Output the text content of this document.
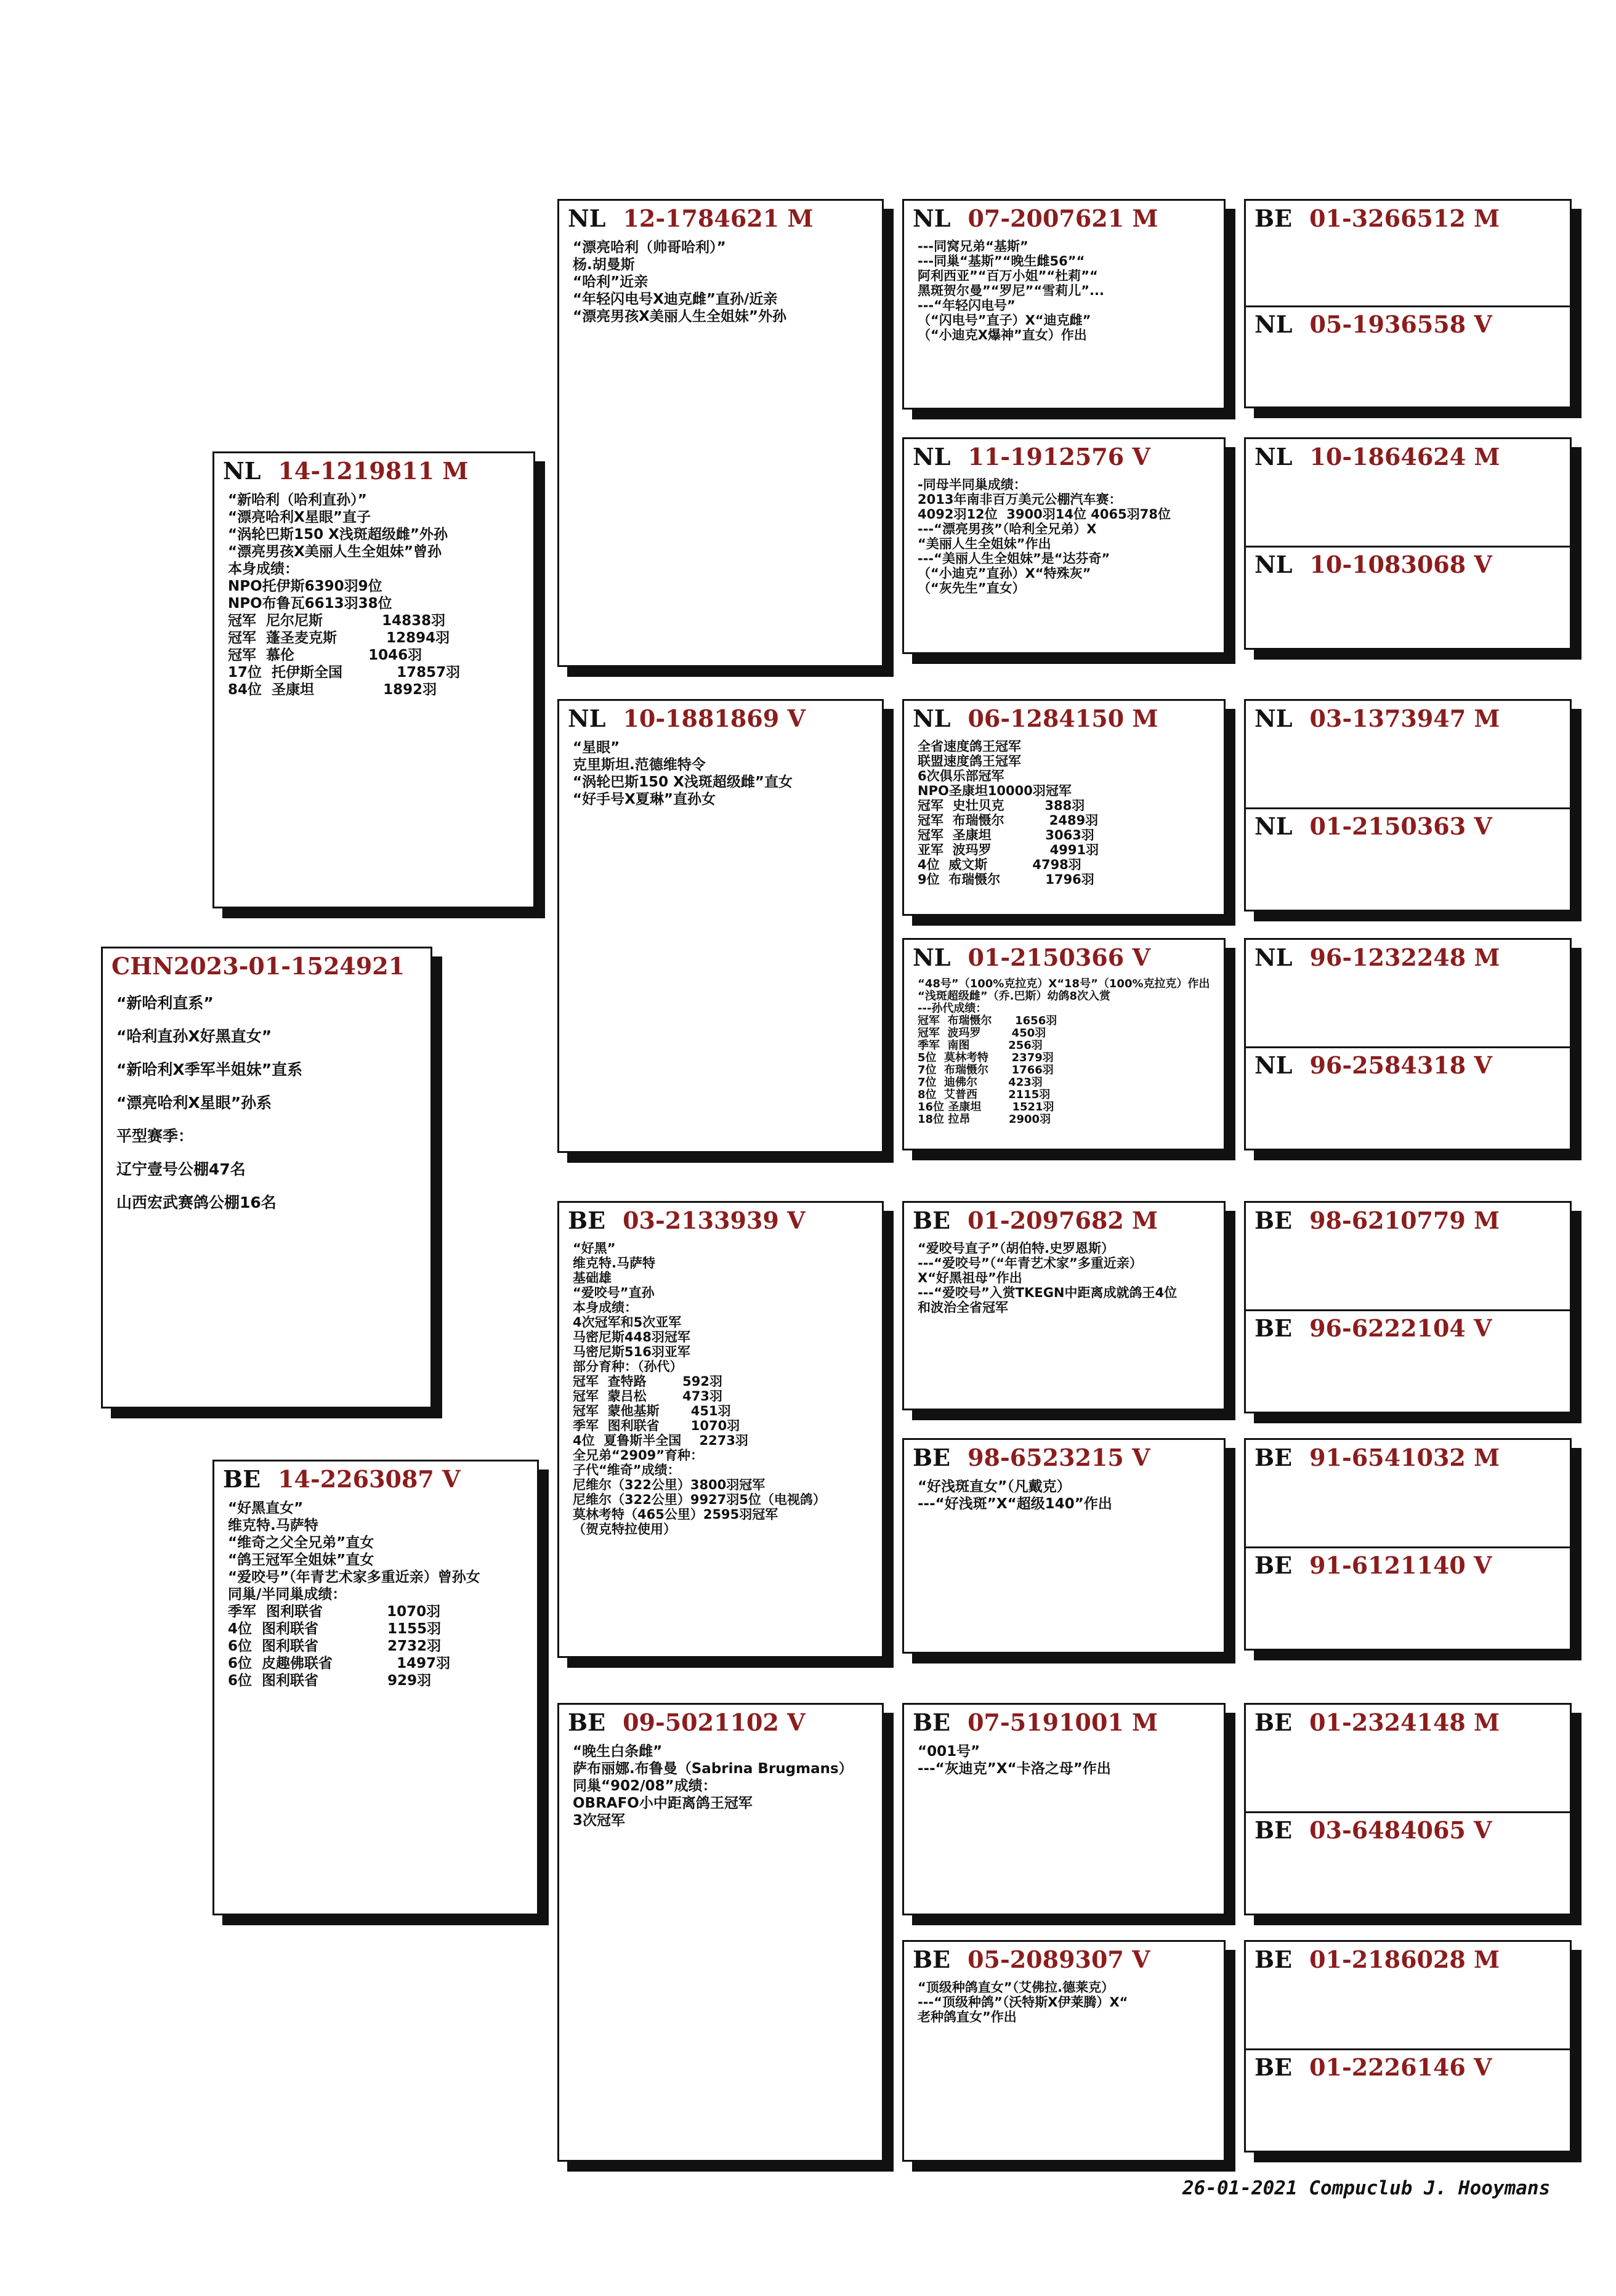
CHN2023-01-1524921
“新哈利直系”
“哈利直孙X好黑直女”
“新哈利X季军半姐妹”直系
“漂亮哈利X星眼”孙系
平型赛季：
辽宁壹号公棚47名
山西宏武赛鸽公棚16名
NL 14-1219811 M
“新哈利（哈利直孙）”
“漂亮哈利X星眼”直子
“涡轮巴斯150 X浅斑超级雌”外孙
“漂亮男孩X美丽人生全姐妹”曾孙
本身成绩：
NPO托伊斯6390羽9位
NPO布鲁瓦6613羽38位
冠军  尼尔尼斯            14838羽
冠军  蓬圣麦克斯          12894羽
冠军  慕伦               1046羽
17位  托伊斯全国           17857羽
84位  圣康坦              1892羽
BE 14-2263087 V
“好黑直女”
维克特.马萨特
“维奇之父全兄弟”直女
“鸽王冠军全姐妹”直女
“爱咬号”（年青艺术家多重近亲）曾孙女
同巢/半同巢成绩：
季军  图利联省             1070羽
4位  图利联省              1155羽
6位  图利联省              2732羽
6位  皮趣佛联省             1497羽
6位  图利联省              929羽
NL 12-1784621 M
“漂亮哈利（帅哥哈利）”
杨.胡曼斯
“哈利”近亲
“年轻闪电号X迪克雌”直孙/近亲
“漂亮男孩X美丽人生全姐妹”外孙
NL 10-1881869 V
“星眼”
克里斯坦.范德维特令
“涡轮巴斯150 X浅斑超级雌”直女
“好手号X夏琳”直孙女
BE 03-2133939 V
“好黑”
维克特.马萨特
基础雄
“爱咬号”直孙
本身成绩：
4次冠军和5次亚军
马密尼斯448羽冠军
马密尼斯516羽亚军
部分育种：（孙代）
冠军  查特路        592羽
冠军  蒙吕松        473羽
冠军  蒙他基斯       451羽
季军  图利联省       1070羽
4位  夏鲁斯半全国    2273羽
全兄弟“2909”育种：
子代“维奇”成绩：
尼维尔（322公里）3800羽冠军
尼维尔（322公里）9927羽5位（电视鸽）
莫林考特（465公里）2595羽冠军
（贺克特拉使用）
BE 09-5021102 V
“晚生白条雌”
萨布丽娜.布鲁曼（Sabrina Brugmans）
同巢“902/08”成绩：
OBRAFO小中距离鸽王冠军
3次冠军
NL 07-2007621 M
---同窝兄弟“基斯”
---同巢“基斯”“晚生雌56”“
阿利西亚”“百万小姐”“杜莉”“
黑斑贺尔曼”“罗尼”“雪莉儿”...
---“年轻闪电号”
（“闪电号”直子）X“迪克雌”
（“小迪克X爆神”直女）作出
NL 11-1912576 V
-同母半同巢成绩：
2013年南非百万美元公棚汽车赛：
4092羽12位  3900羽14位 4065羽78位
---“漂亮男孩”（哈利全兄弟）X
“美丽人生全姐妹”作出
---“美丽人生全姐妹”是“达芬奇”
（“小迪克”直孙）X“特殊灰”
（“灰先生”直女）
NL 06-1284150 M
全省速度鸽王冠军
联盟速度鸽王冠军
6次俱乐部冠军
NPO圣康坦10000羽冠军
冠军  史壮贝克         388羽
冠军  布瑞慑尔          2489羽
冠军  圣康坦            3063羽
亚军  波玛罗             4991羽
4位  威文斯          4798羽
9位  布瑞慑尔          1796羽
NL 01-2150366 V
“48号”（100%克拉克）X“18号”（100%克拉克）作出
“浅斑超级雌”（乔.巴斯）幼鸽8次入赏
---孙代成绩：
冠军  布瑞慑尔      1656羽
冠军  波玛罗        450羽
季军  南图          256羽
5位  莫林考特      2379羽
7位  布瑞慑尔      1766羽
7位  迪佛尔        423羽
8位  艾普西        2115羽
16位 圣康坦        1521羽
18位 拉昂          2900羽
BE 01-2097682 M
“爱咬号直子”（胡伯特.史罗恩斯）
---“爱咬号”（“年青艺术家”多重近亲）
X“好黑祖母”作出
---“爱咬号”入赏TKEGN中距离成就鸽王4位
和波治全省冠军
BE 98-6523215 V
“好浅斑直女”（凡戴克）
---“好浅斑”X“超级140”作出
BE 07-5191001 M
“001号”
---“灰迪克”X“卡洛之母”作出
BE 05-2089307 V
“顶级种鸽直女”（艾佛拉.德莱克）
---“顶级种鸽”（沃特斯X伊莱腾）X“
老种鸽直女”作出
BE 01-3266512 M
NL 05-1936558 V
NL 10-1864624 M
NL 10-1083068 V
NL 03-1373947 M
NL 01-2150363 V
NL 96-1232248 M
NL 96-2584318 V
BE 98-6210779 M
BE 96-6222104 V
BE 91-6541032 M
BE 91-6121140 V
BE 01-2324148 M
BE 03-6484065 V
BE 01-2186028 M
BE 01-2226146 V
26-01-2021 Compuclub J. Hooymans
